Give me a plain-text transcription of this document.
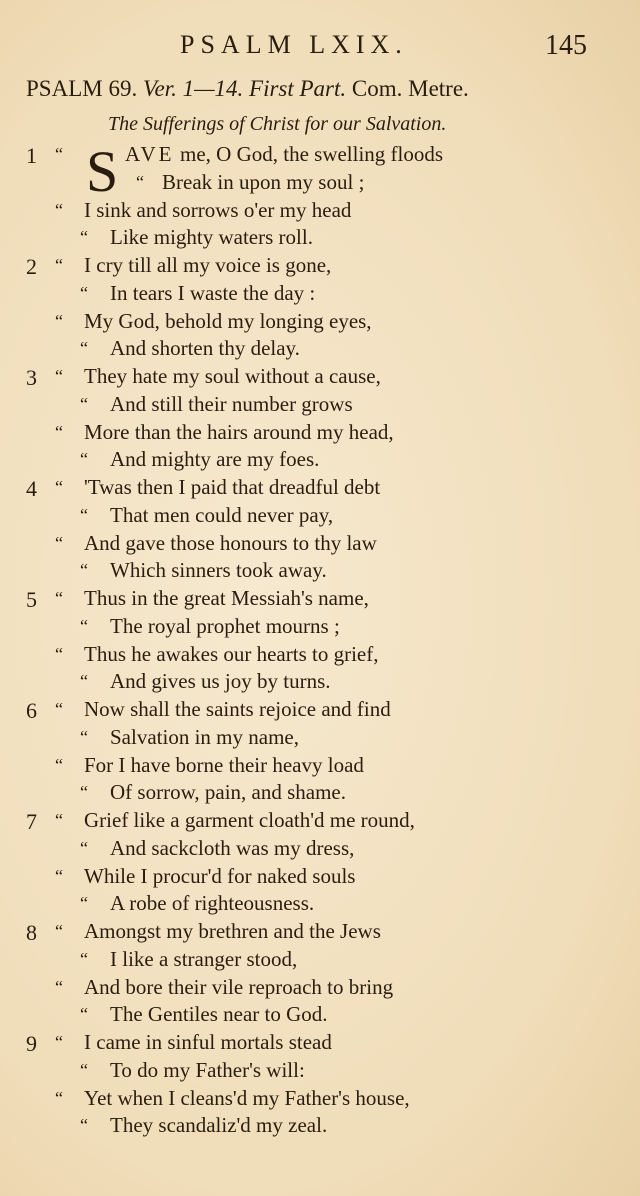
PSALM LXIX.	145
PSALM 69. Ver. 1—14. First Part. Com. Metre.
The Sufferings of Christ for our Salvation.
1 S
“	AVE me, O God, the swelling floods
“ Break in upon my soul ;
“ I sink and sorrows o'er my head
“ Like mighty waters roll.
2 “ I cry till all my voice is gone,
“ In tears I waste the day :
“ My God, behold my longing eyes,
“ And shorten thy delay.
3 “ They hate my soul without a cause,
“ And still their number grows
“ More than the hairs around my head,
“ And mighty are my foes.
4 “ 'Twas then I paid that dreadful debt
“ That men could never pay,
“ And gave those honours to thy law
“ Which sinners took away.
5 “ Thus in the great Messiah's name,
“ The royal prophet mourns ;
“ Thus he awakes our hearts to grief,
“ And gives us joy by turns.
6 “ Now shall the saints rejoice and find
“ Salvation in my name,
“ For I have borne their heavy load
“ Of sorrow, pain, and shame.
7 “ Grief like a garment cloath'd me round,
“ And sackcloth was my dress,
“ While I procur'd for naked souls
“ A robe of righteousness.
8 “ Amongst my brethren and the Jews
“ I like a stranger stood,
“ And bore their vile reproach to bring
“ The Gentiles near to God.
9 “ I came in sinful mortals stead
“ To do my Father's will:
“ Yet when I cleans'd my Father's house,
“ They scandaliz'd my zeal.
